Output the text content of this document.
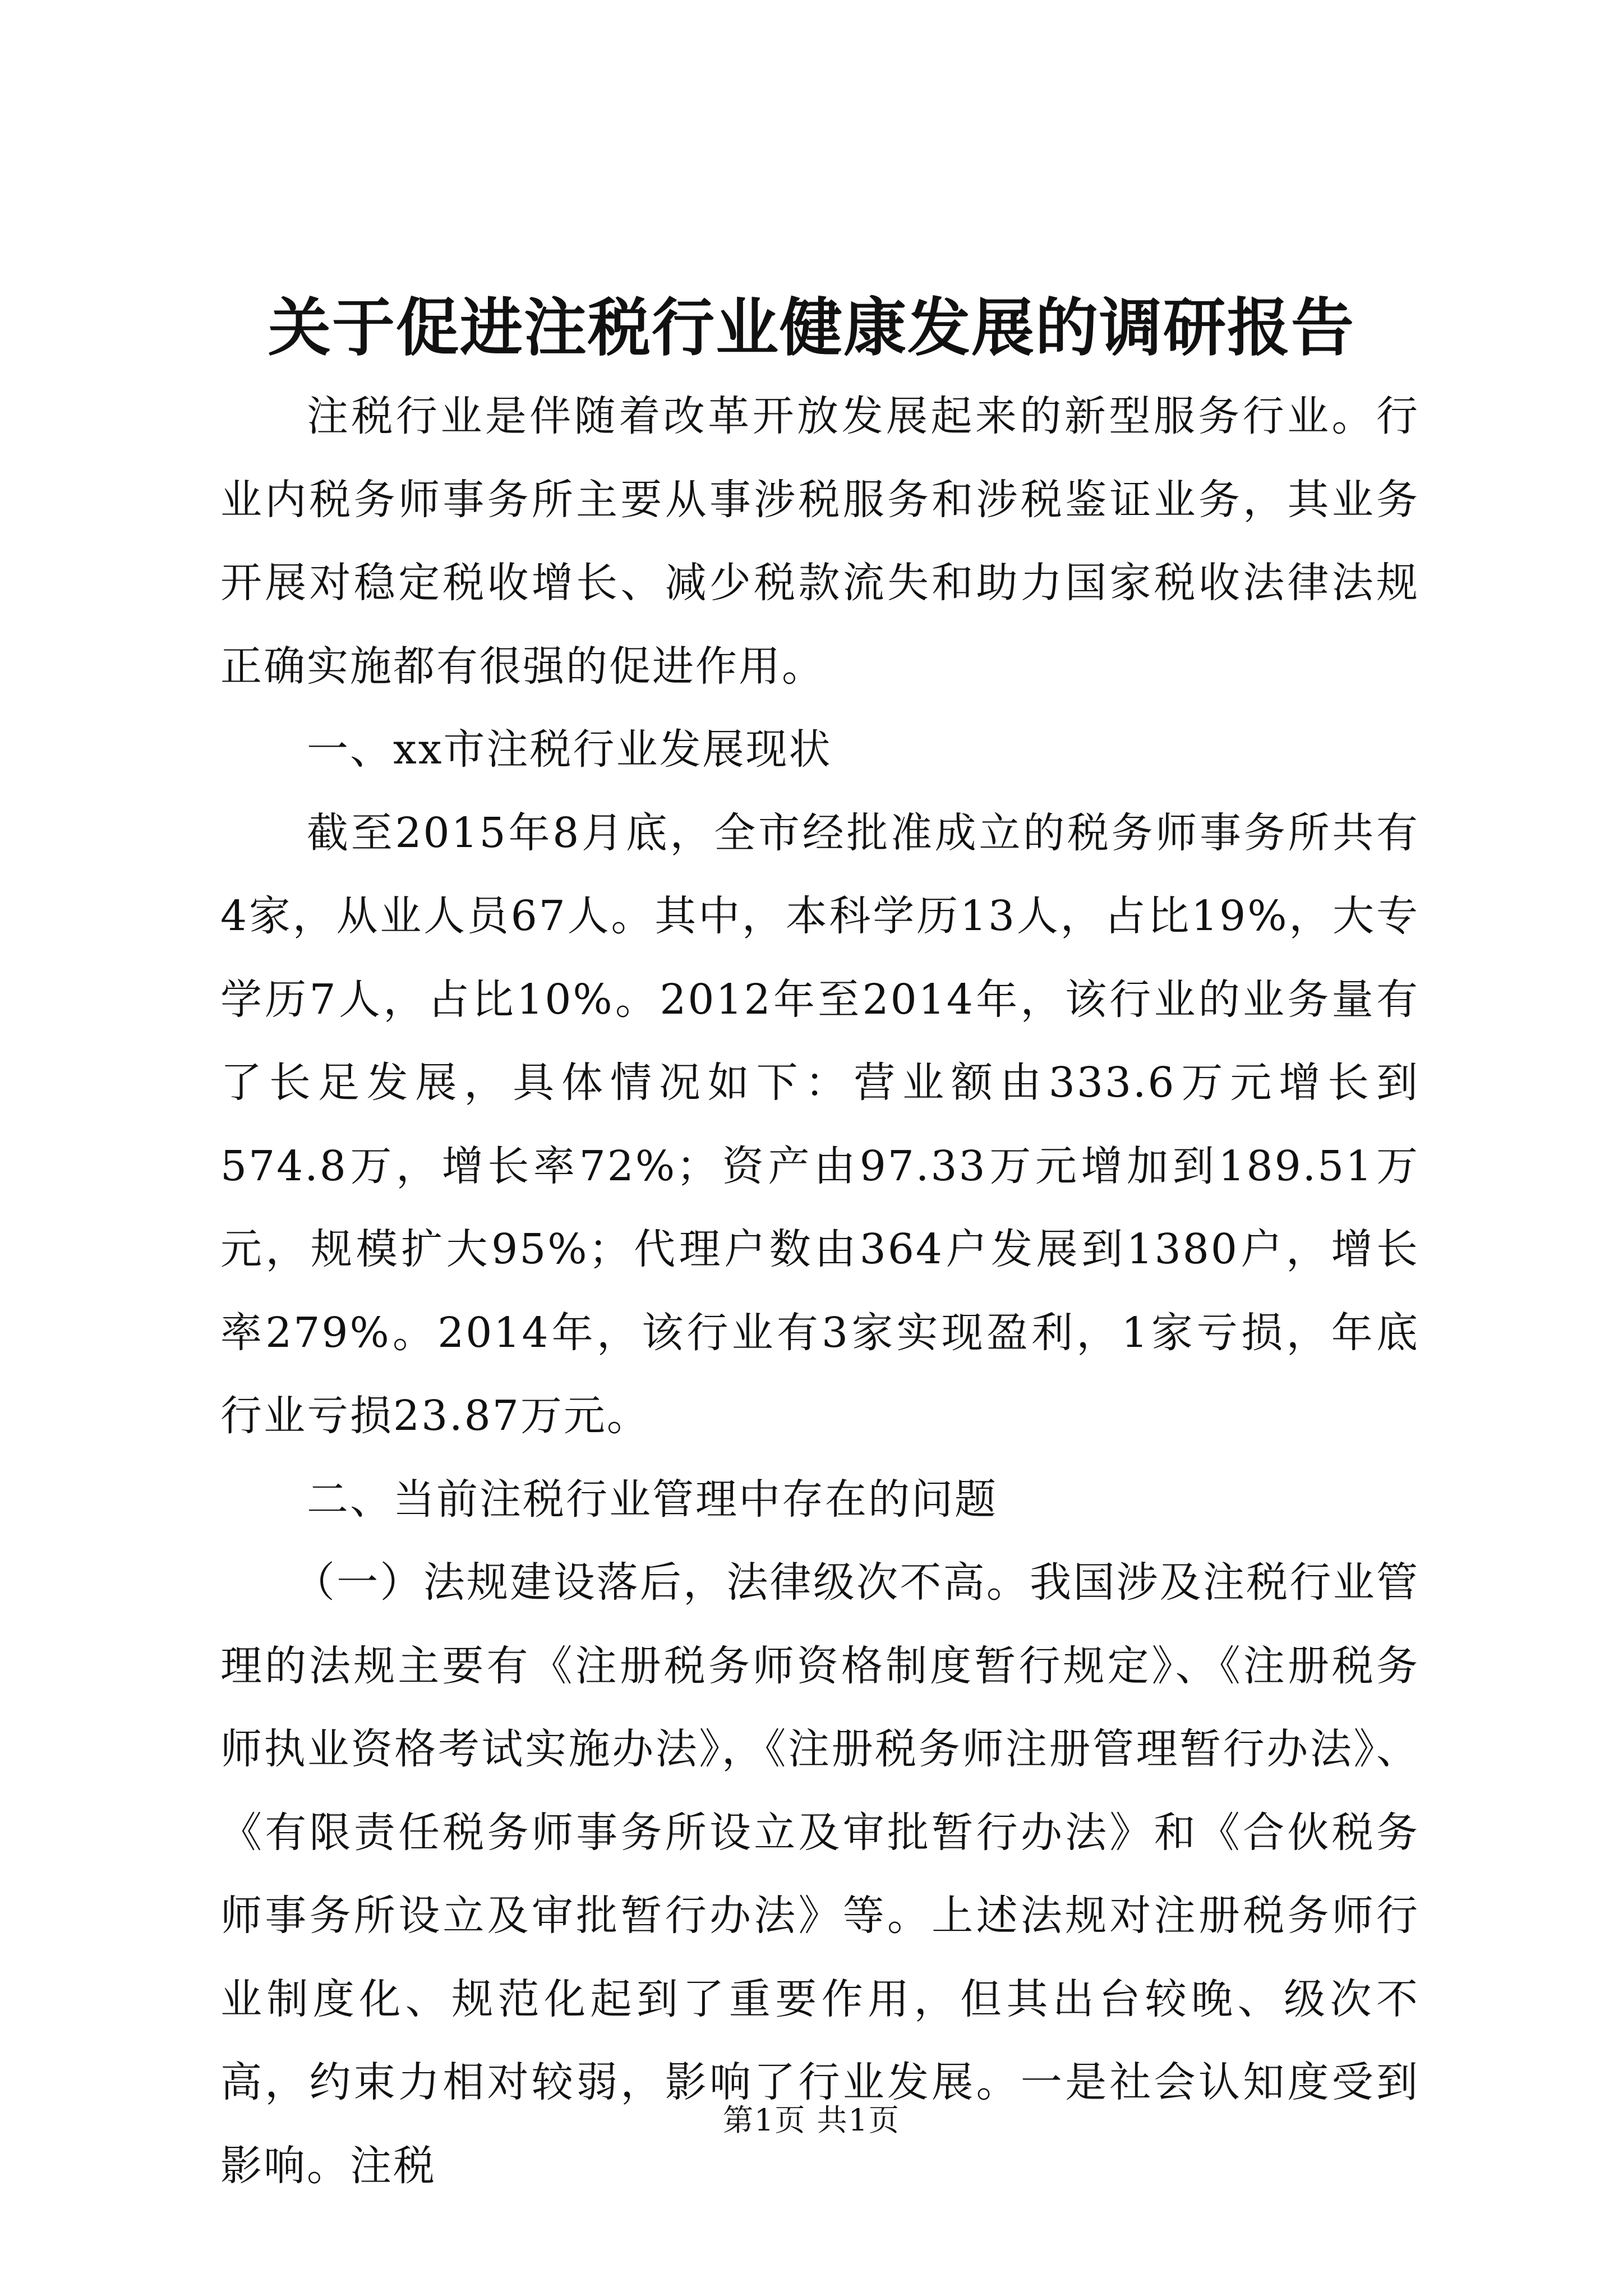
关于促进注税行业健康发展的调研报告

注税行业是伴随着改革开放发展起来的新型服务行业。行业内税务师事务所主要从事涉税服务和涉税鉴证业务，其业务开展对稳定税收增长、减少税款流失和助力国家税收法律法规正确实施都有很强的促进作用。

一、xx市注税行业发展现状

截至2015年8月底，全市经批准成立的税务师事务所共有4家，从业人员67人。其中，本科学历13人，占比19%，大专学历7人，占比10%。2012年至2014年，该行业的业务量有了长足发展，具体情况如下：营业额由333.6万元增长到574.8万，增长率72%；资产由97.33万元增加到189.51万元，规模扩大95%；代理户数由364户发展到1380户，增长率279%。2014年，该行业有3家实现盈利，1家亏损，年底行业亏损23.87万元。

二、当前注税行业管理中存在的问题

（一）法规建设落后，法律级次不高。我国涉及注税行业管理的法规主要有《注册税务师资格制度暂行规定》、《注册税务师执业资格考试实施办法》，《注册税务师注册管理暂行办法》、《有限责任税务师事务所设立及审批暂行办法》和《合伙税务师事务所设立及审批暂行办法》等。上述法规对注册税务师行业制度化、规范化起到了重要作用，但其出台较晚、级次不高，约束力相对较弱，影响了行业发展。一是社会认知度受到影响。注税

第1页 共1页
